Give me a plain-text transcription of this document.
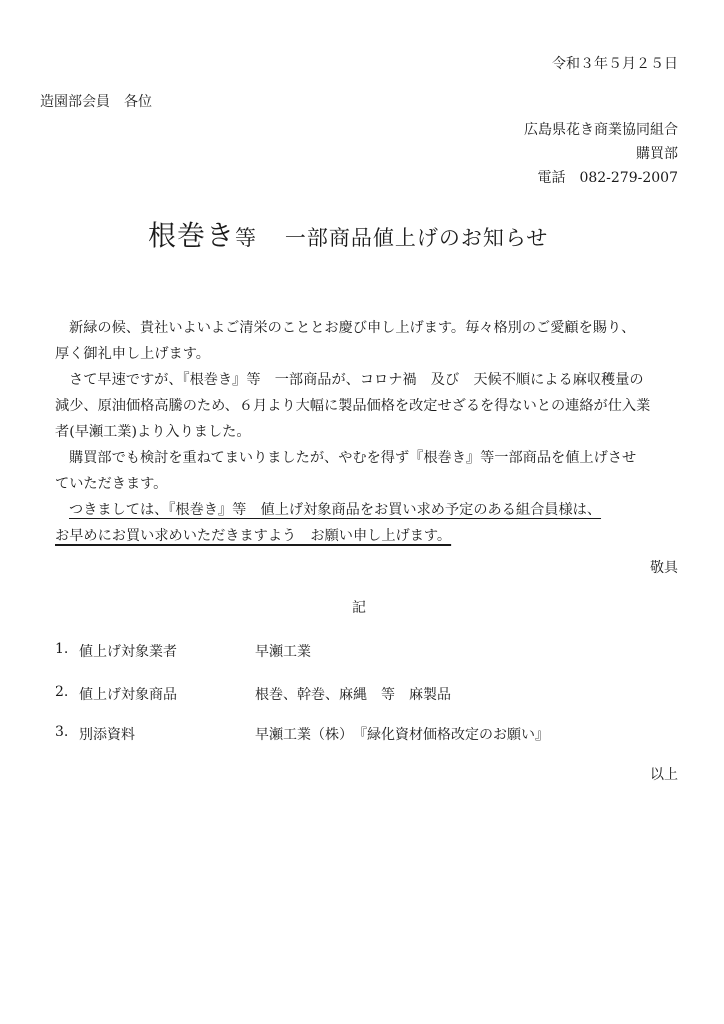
令和３年５月２５日
造園部会員　各位
広島県花き商業協同組合
購買部
電話　082-279-2007
根巻き等 一部商品値上げのお知らせ

新緑の候、貴社いよいよご清栄のこととお慶び申し上げます。毎々格別のご愛顧を賜り、

厚く御礼申し上げます。

さて早速ですが、『根巻き』等　一部商品が、コロナ禍　及び　天候不順による麻収穫量の

減少、原油価格高騰のため、６月より大幅に製品価格を改定せざるを得ないとの連絡が仕入業

者(早瀬工業)より入りました。

購買部でも検討を重ねてまいりましたが、やむを得ず『根巻き』等一部商品を値上げさせ

ていただきます。

つきましては、『根巻き』等　値上げ対象商品をお買い求め予定のある組合員様は、

お早めにお買い求めいただきますよう　お願い申し上げます。

敬具
記
1. 値上げ対象業者	早瀬工業
2. 値上げ対象商品	根巻、幹巻、麻縄　等　麻製品
3. 別添資料	早瀬工業（株）　『緑化資材価格改定のお願い』
以上
